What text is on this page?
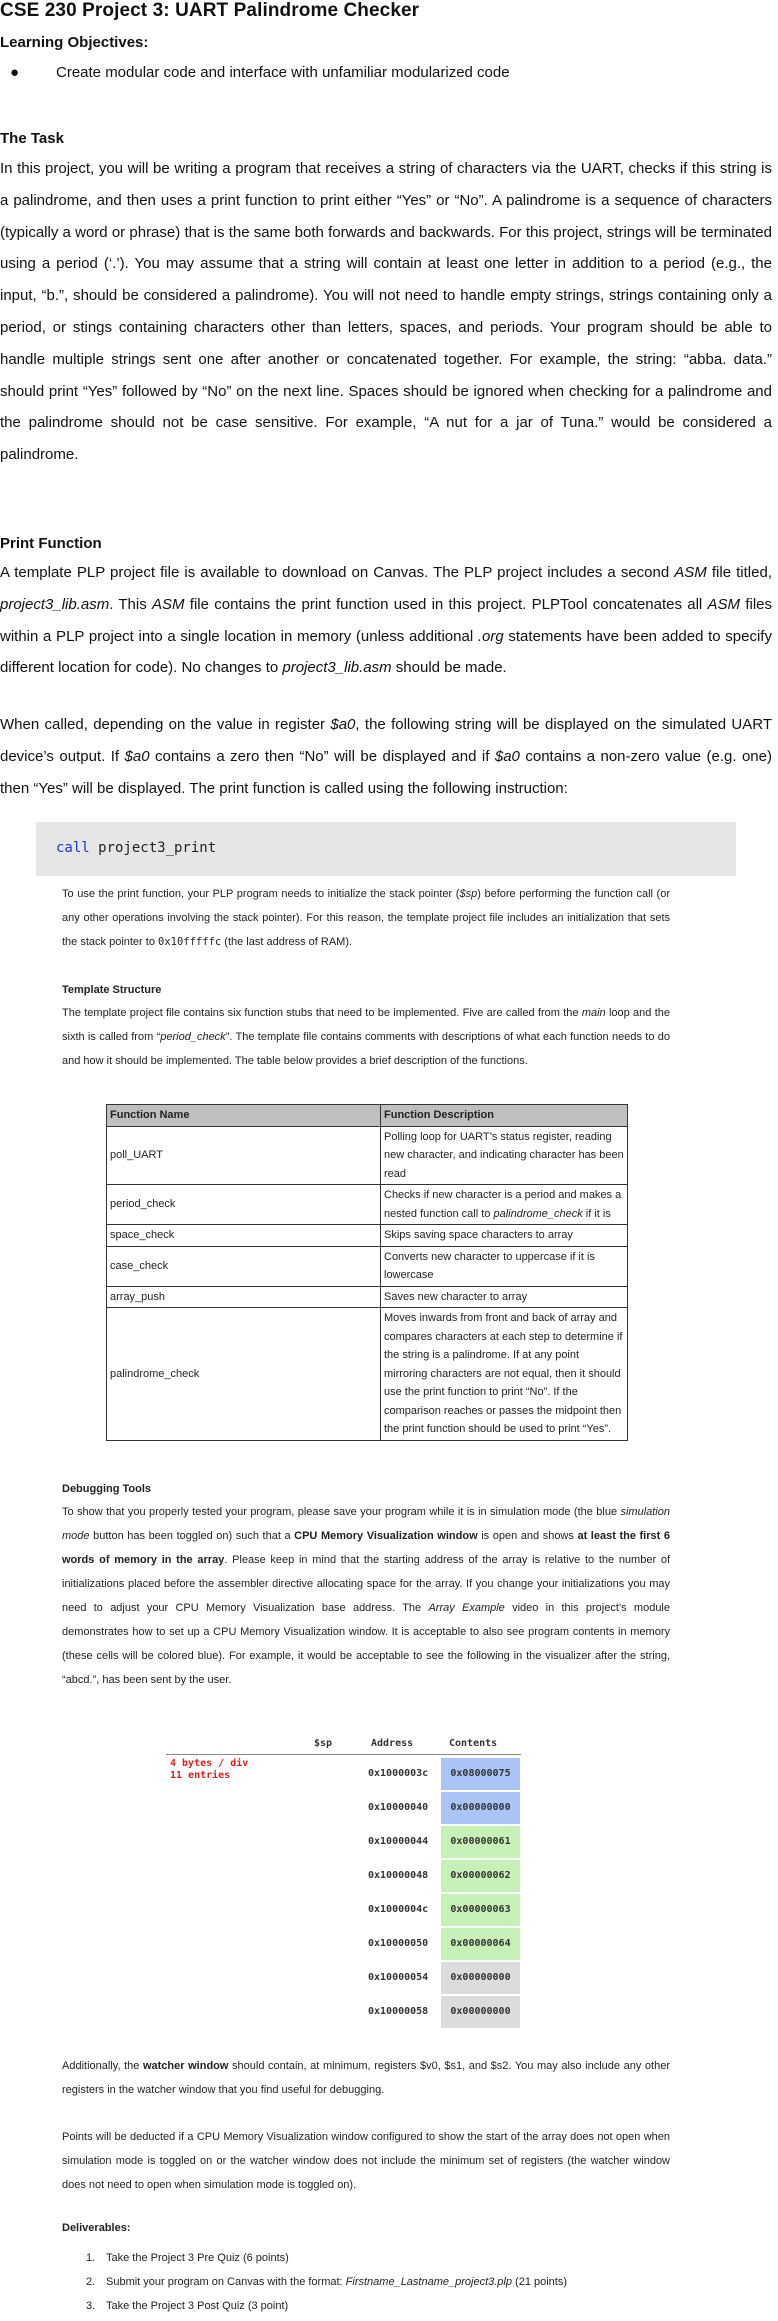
CSE 230 Project 3: UART Palindrome Checker
Learning Objectives:
● Create modular code and interface with unfamiliar modularized code
The Task
In this project, you will be writing a program that receives a string of characters via the UART, checks if this string is a palindrome, and then uses a print function to print either “Yes” or “No”. A palindrome is a sequence of characters (typically a word or phrase) that is the same both forwards and backwards. For this project, strings will be terminated using a period (‘.’). You may assume that a string will contain at least one letter in addition to a period (e.g., the input, “b.”, should be considered a palindrome). You will not need to handle empty strings, strings containing only a period, or stings containing characters other than letters, spaces, and periods. Your program should be able to handle multiple strings sent one after another or concatenated together. For example, the string: “abba. data.” should print “Yes” followed by “No” on the next line. Spaces should be ignored when checking for a palindrome and the palindrome should not be case sensitive. For example, “A nut for a jar of Tuna.” would be considered a palindrome.
Print Function
A template PLP project file is available to download on Canvas. The PLP project includes a second ASM file titled, project3_lib.asm. This ASM file contains the print function used in this project. PLPTool concatenates all ASM files within a PLP project into a single location in memory (unless additional .org statements have been added to specify different location for code). No changes to project3_lib.asm should be made.
When called, depending on the value in register $a0, the following string will be displayed on the simulated UART device’s output. If $a0 contains a zero then “No” will be displayed and if $a0 contains a non-zero value (e.g. one) then “Yes” will be displayed. The print function is called using the following instruction:
call project3_print
To use the print function, your PLP program needs to initialize the stack pointer ($sp) before performing the function call (or any other operations involving the stack pointer). For this reason, the template project file includes an initialization that sets the stack pointer to 0x10fffffc (the last address of RAM).
Template Structure
The template project file contains six function stubs that need to be implemented. Five are called from the main loop and the sixth is called from “period_check”. The template file contains comments with descriptions of what each function needs to do and how it should be implemented. The table below provides a brief description of the functions.
Function Name	Function Description
poll_UART	Polling loop for UART’s status register, reading new character, and indicating character has been read
period_check	Checks if new character is a period and makes a nested function call to palindrome_check if it is
space_check	Skips saving space characters to array
case_check	Converts new character to uppercase if it is lowercase
array_push	Saves new character to array
palindrome_check	Moves inwards from front and back of array and compares characters at each step to determine if the string is a palindrome. If at any point mirroring characters are not equal, then it should use the print function to print “No”. If the comparison reaches or passes the midpoint then the print function should be used to print “Yes”.
Debugging Tools
To show that you properly tested your program, please save your program while it is in simulation mode (the blue simulation mode button has been toggled on) such that a CPU Memory Visualization window is open and shows at least the first 6 words of memory in the array. Please keep in mind that the starting address of the array is relative to the number of initializations placed before the assembler directive allocating space for the array. If you change your initializations you may need to adjust your CPU Memory Visualization base address. The Array Example video in this project’s module demonstrates how to set up a CPU Memory Visualization window. It is acceptable to also see program contents in memory (these cells will be colored blue). For example, it would be acceptable to see the following in the visualizer after the string, “abcd.”, has been sent by the user.
$sp	Address	Contents
4 bytes / div
11 entries	0x1000003c	0x08000075
0x10000040	0x00000000
0x10000044	0x00000061
0x10000048	0x00000062
0x1000004c	0x00000063
0x10000050	0x00000064
0x10000054	0x00000000
0x10000058	0x00000000
Additionally, the watcher window should contain, at minimum, registers $v0, $s1, and $s2. You may also include any other registers in the watcher window that you find useful for debugging.
Points will be deducted if a CPU Memory Visualization window configured to show the start of the array does not open when simulation mode is toggled on or the watcher window does not include the minimum set of registers (the watcher window does not need to open when simulation mode is toggled on).
Deliverables:
1. Take the Project 3 Pre Quiz (6 points)
2. Submit your program on Canvas with the format: Firstname_Lastname_project3.plp (21 points)
3. Take the Project 3 Post Quiz (3 point)
